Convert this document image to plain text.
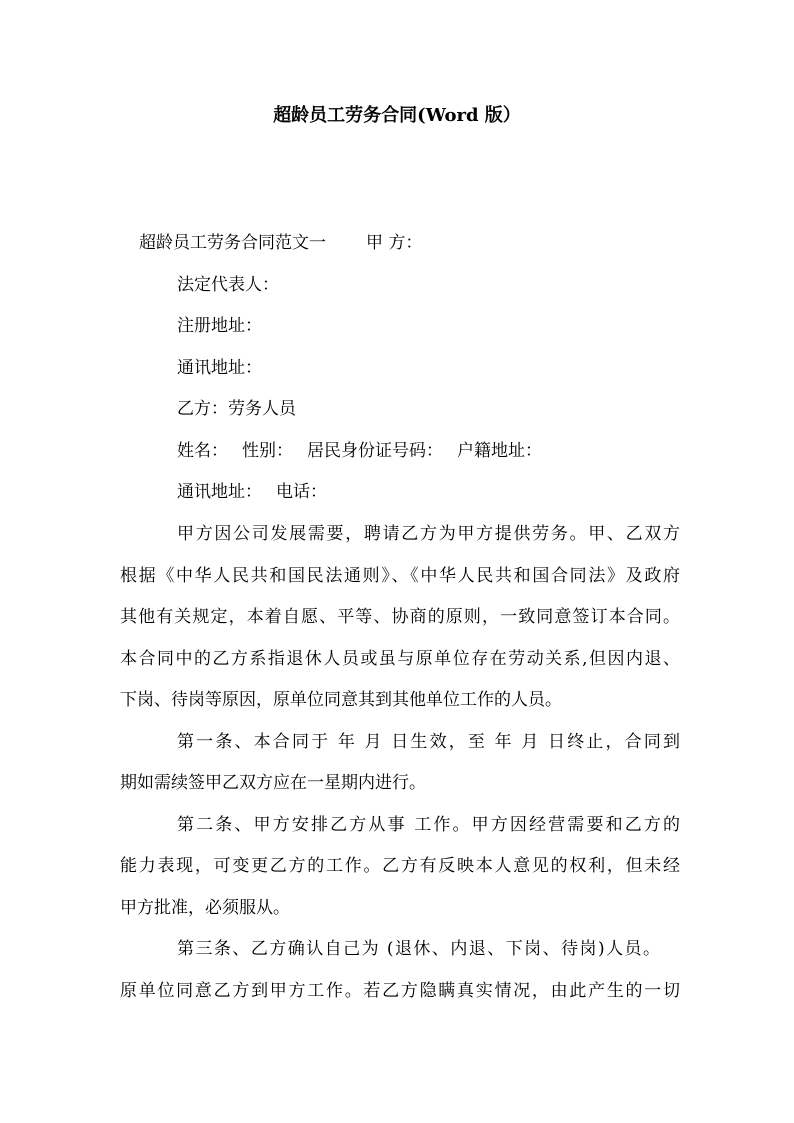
超龄员工劳务合同(Word 版）
超龄员工劳务合同范文一 甲 方：
法定代表人：
注册地址：
通讯地址：
乙方：劳务人员
姓名： 性别： 居民身份证号码： 户籍地址：
通讯地址： 电话：
甲方因公司发展需要，聘请乙方为甲方提供劳务。甲、乙双方
根据《中华人民共和国民法通则》、《中华人民共和国合同法》及政府
其他有关规定，本着自愿、平等、协商的原则，一致同意签订本合同。
本合同中的乙方系指退休人员或虽与原单位存在劳动关系,但因内退、
下岗、待岗等原因，原单位同意其到其他单位工作的人员。
第一条、本合同于 年 月 日生效，至 年 月 日终止，合同到
期如需续签甲乙双方应在一星期内进行。
第二条、甲方安排乙方从事 工作。甲方因经营需要和乙方的
能力表现，可变更乙方的工作。乙方有反映本人意见的权利，但未经
甲方批准，必须服从。
第三条、乙方确认自己为 (退休、内退、下岗、待岗)人员。
原单位同意乙方到甲方工作。若乙方隐瞒真实情况，由此产生的一切
